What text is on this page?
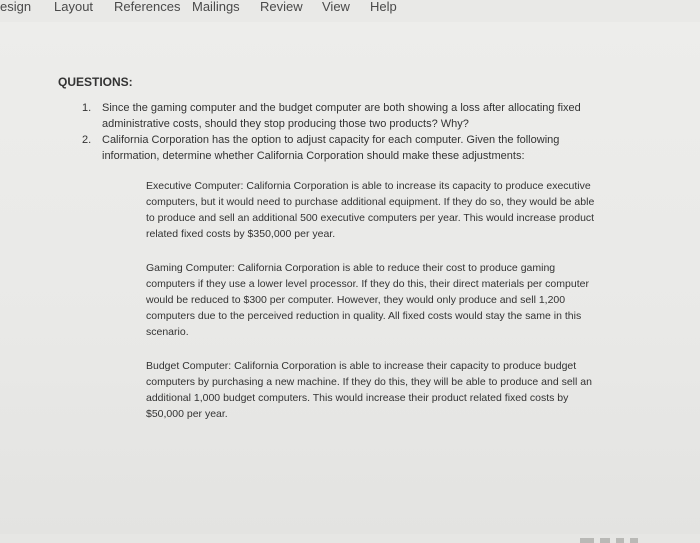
esign Layout References Mailings Review View Help
QUESTIONS:
1. Since the gaming computer and the budget computer are both showing a loss after allocating fixed administrative costs, should they stop producing those two products? Why?
2. California Corporation has the option to adjust capacity for each computer. Given the following information, determine whether California Corporation should make these adjustments:
Executive Computer: California Corporation is able to increase its capacity to produce executive computers, but it would need to purchase additional equipment. If they do so, they would be able to produce and sell an additional 500 executive computers per year. This would increase product related fixed costs by $350,000 per year.
Gaming Computer: California Corporation is able to reduce their cost to produce gaming computers if they use a lower level processor. If they do this, their direct materials per computer would be reduced to $300 per computer. However, they would only produce and sell 1,200 computers due to the perceived reduction in quality. All fixed costs would stay the same in this scenario.
Budget Computer: California Corporation is able to increase their capacity to produce budget computers by purchasing a new machine. If they do this, they will be able to produce and sell an additional 1,000 budget computers. This would increase their product related fixed costs by $50,000 per year.
